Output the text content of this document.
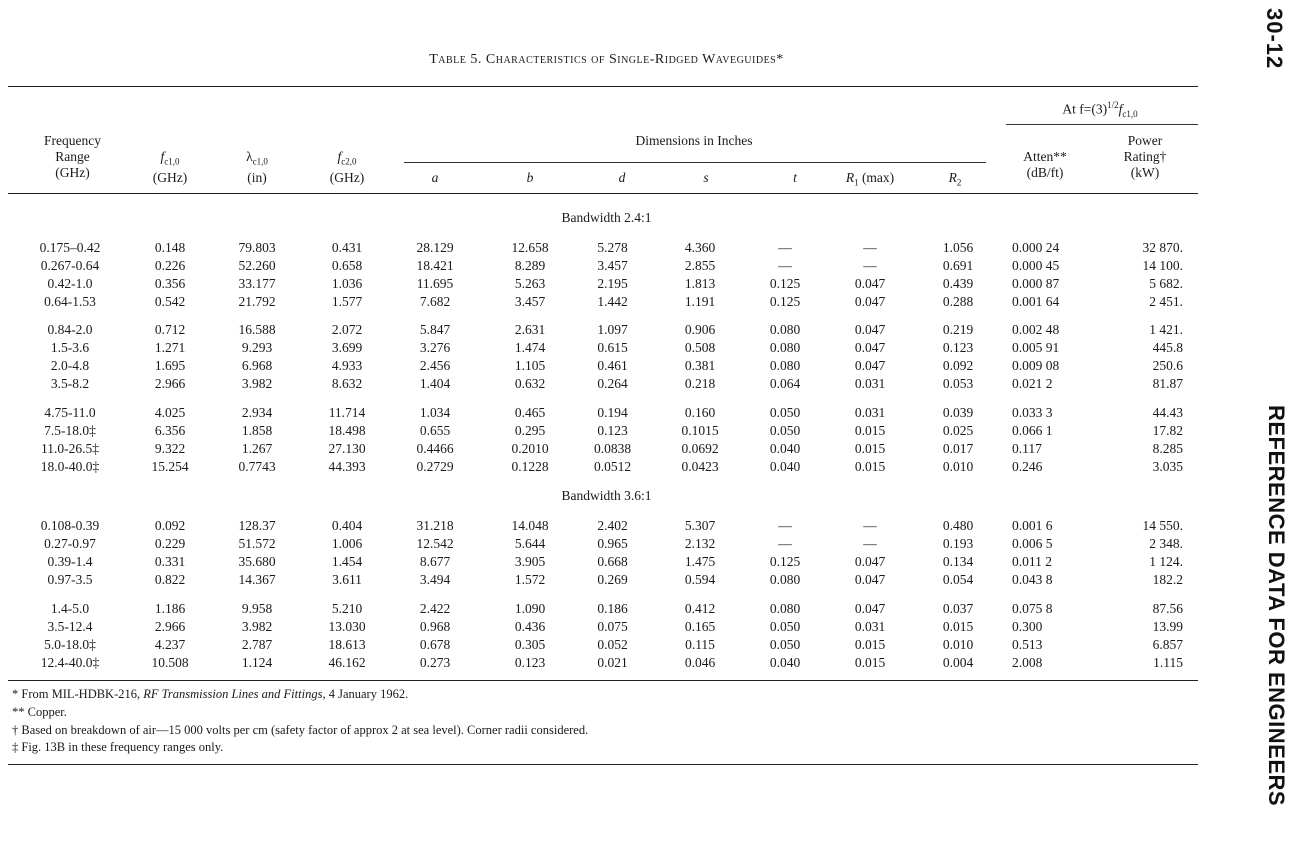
30-12
REFERENCE DATA FOR ENGINEERS
Table 5. Characteristics of Single-Ridged Waveguides*
At $f=(3)^{1/2}f_{c1,0}$
Frequency
Range
(GHz)
$f_{c1,0}$
(GHz)
$\lambda_{c1,0}$
(in)
$f_{c2,0}$
(GHz)
Dimensions in Inches
a	b	d	s	t	$R_1$ (max)	$R_2$
Atten**
(dB/ft)
Power
Rating†
(kW)
Bandwidth 2.4:1
0.175–0.42	0.148	79.803	0.431	28.129	12.658	5.278	4.360	—	—	1.056	0.000 24	32 870.
0.267-0.64	0.226	52.260	0.658	18.421	8.289	3.457	2.855	—	—	0.691	0.000 45	14 100.
0.42-1.0	0.356	33.177	1.036	11.695	5.263	2.195	1.813	0.125	0.047	0.439	0.000 87	5 682.
0.64-1.53	0.542	21.792	1.577	7.682	3.457	1.442	1.191	0.125	0.047	0.288	0.001 64	2 451.
0.84-2.0	0.712	16.588	2.072	5.847	2.631	1.097	0.906	0.080	0.047	0.219	0.002 48	1 421.
1.5-3.6	1.271	9.293	3.699	3.276	1.474	0.615	0.508	0.080	0.047	0.123	0.005 91	445.8
2.0-4.8	1.695	6.968	4.933	2.456	1.105	0.461	0.381	0.080	0.047	0.092	0.009 08	250.6
3.5-8.2	2.966	3.982	8.632	1.404	0.632	0.264	0.218	0.064	0.031	0.053	0.021 2	81.87
4.75-11.0	4.025	2.934	11.714	1.034	0.465	0.194	0.160	0.050	0.031	0.039	0.033 3	44.43
7.5-18.0‡	6.356	1.858	18.498	0.655	0.295	0.123	0.1015	0.050	0.015	0.025	0.066 1	17.82
11.0-26.5‡	9.322	1.267	27.130	0.4466	0.2010	0.0838	0.0692	0.040	0.015	0.017	0.117	8.285
18.0-40.0‡	15.254	0.7743	44.393	0.2729	0.1228	0.0512	0.0423	0.040	0.015	0.010	0.246	3.035
Bandwidth 3.6:1
0.108-0.39	0.092	128.37	0.404	31.218	14.048	2.402	5.307	—	—	0.480	0.001 6	14 550.
0.27-0.97	0.229	51.572	1.006	12.542	5.644	0.965	2.132	—	—	0.193	0.006 5	2 348.
0.39-1.4	0.331	35.680	1.454	8.677	3.905	0.668	1.475	0.125	0.047	0.134	0.011 2	1 124.
0.97-3.5	0.822	14.367	3.611	3.494	1.572	0.269	0.594	0.080	0.047	0.054	0.043 8	182.2
1.4-5.0	1.186	9.958	5.210	2.422	1.090	0.186	0.412	0.080	0.047	0.037	0.075 8	87.56
3.5-12.4	2.966	3.982	13.030	0.968	0.436	0.075	0.165	0.050	0.031	0.015	0.300	13.99
5.0-18.0‡	4.237	2.787	18.613	0.678	0.305	0.052	0.115	0.050	0.015	0.010	0.513	6.857
12.4-40.0‡	10.508	1.124	46.162	0.273	0.123	0.021	0.046	0.040	0.015	0.004	2.008	1.115
* From MIL-HDBK-216, RF Transmission Lines and Fittings, 4 January 1962.
** Copper.
† Based on breakdown of air—15 000 volts per cm (safety factor of approx 2 at sea level). Corner radii considered.
‡ Fig. 13B in these frequency ranges only.
